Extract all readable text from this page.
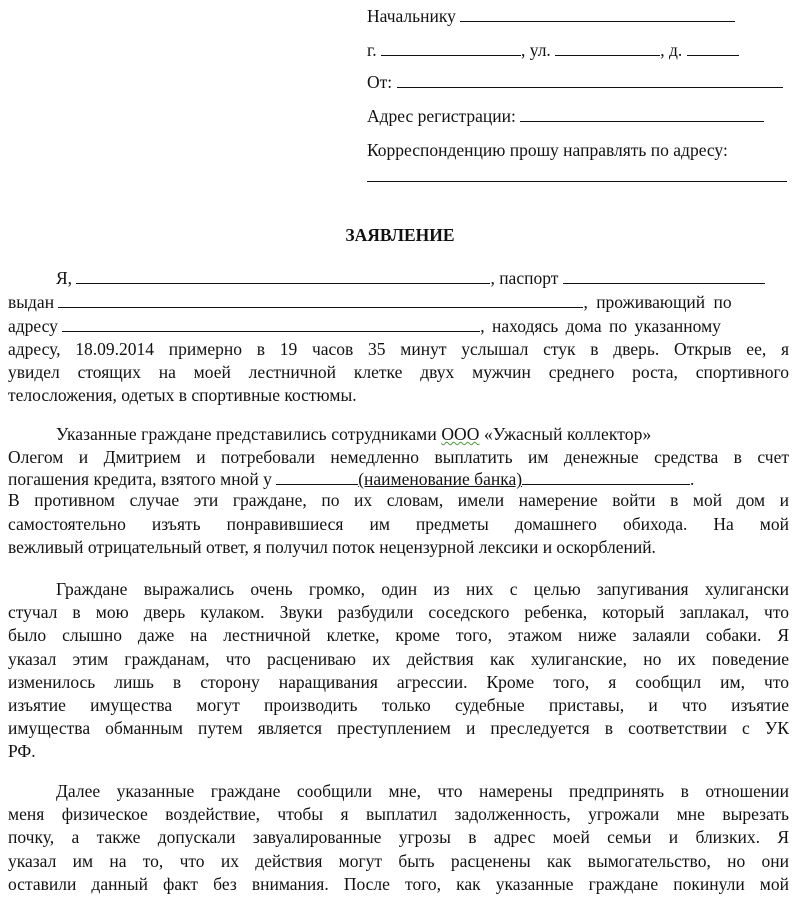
Начальнику
г.	, ул.	, д.
От:
Адрес регистрации:
Корреспонденцию прошу направлять по адресу:
ЗАЯВЛЕНИЕ
Я,	, паспорт
выдан	, проживающий по
адресу	, находясь дома по указанному
адресу, 18.09.2014 примерно в 19 часов 35 минут услышал стук в дверь. Открыв ее, я
увидел стоящих на моей лестничной клетке двух мужчин среднего роста, спортивного
телосложения, одетых в спортивные костюмы.
Указанные граждане представились сотрудниками ООО «Ужасный коллектор»
Олегом и Дмитрием и потребовали немедленно выплатить им денежные средства в счет
погашения кредита, взятого мной у	(наименование банка)	.
В противном случае эти граждане, по их словам, имели намерение войти в мой дом и
самостоятельно изъять понравившиеся им предметы домашнего обихода. На мой
вежливый отрицательный ответ, я получил поток нецензурной лексики и оскорблений.
Граждане выражались очень громко, один из них с целью запугивания хулигански
стучал в мою дверь кулаком. Звуки разбудили соседского ребенка, который заплакал, что
было слышно даже на лестничной клетке, кроме того, этажом ниже залаяли собаки. Я
указал этим гражданам, что расцениваю их действия как хулиганские, но их поведение
изменилось лишь в сторону наращивания агрессии. Кроме того, я сообщил им, что
изъятие имущества могут производить только судебные приставы, и что изъятие
имущества обманным путем является преступлением и преследуется в соответствии с УК
РФ.
Далее указанные граждане сообщили мне, что намерены предпринять в отношении
меня физическое воздействие, чтобы я выплатил задолженность, угрожали мне вырезать
почку, а также допускали завуалированные угрозы в адрес моей семьи и близких. Я
указал им на то, что их действия могут быть расценены как вымогательство, но они
оставили данный факт без внимания. После того, как указанные граждане покинули мой
